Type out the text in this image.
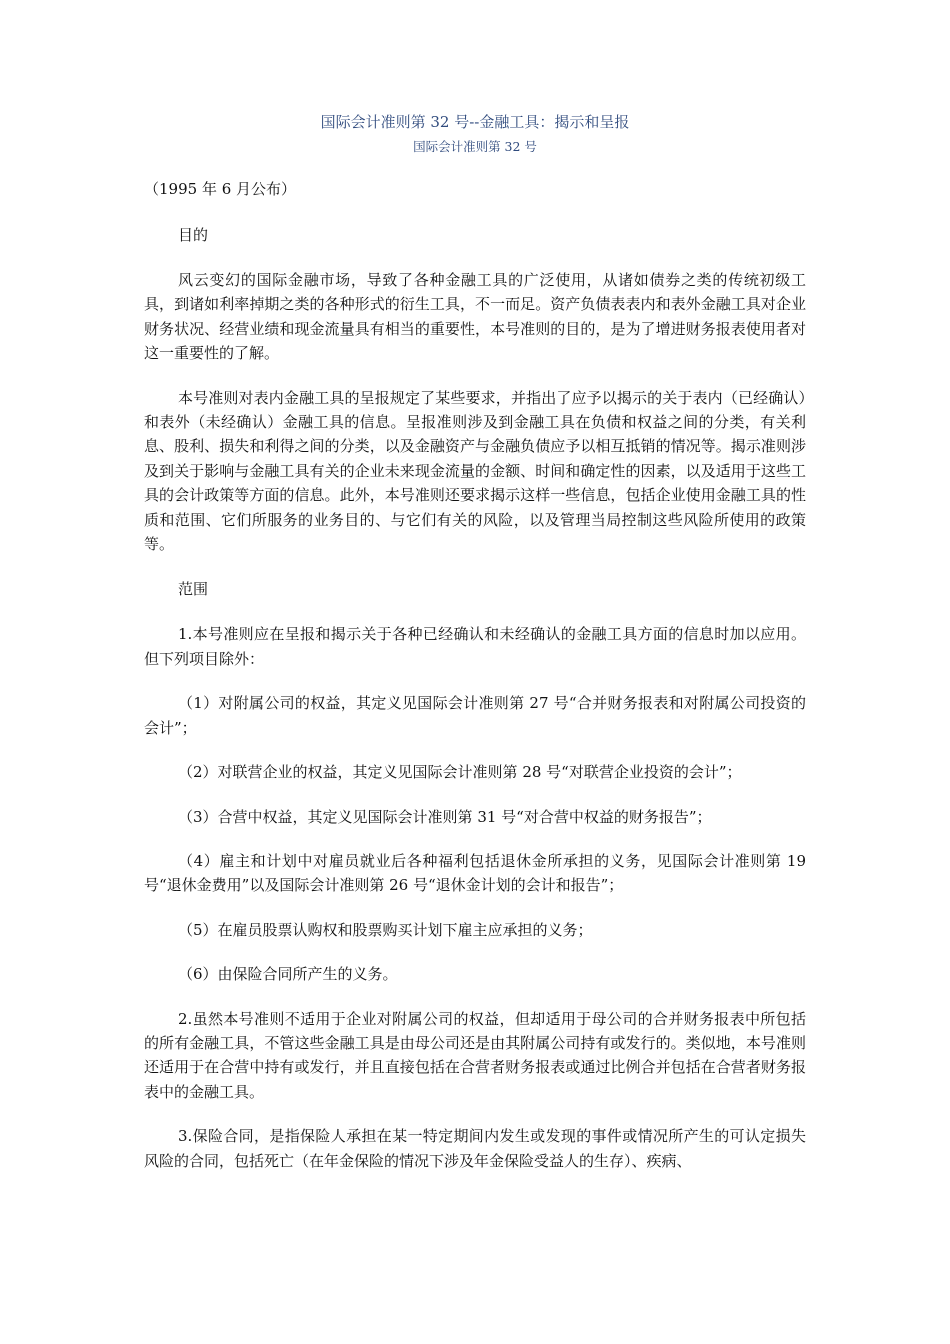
国际会计准则第 32 号--金融工具：揭示和呈报

国际会计准则第 32 号

（1995 年 6 月公布）

目的

风云变幻的国际金融市场，导致了各种金融工具的广泛使用，从诸如债券之类的传统初级工具，到诸如利率掉期之类的各种形式的衍生工具，不一而足。资产负债表表内和表外金融工具对企业财务状况、经营业绩和现金流量具有相当的重要性，本号准则的目的，是为了增进财务报表使用者对这一重要性的了解。

本号准则对表内金融工具的呈报规定了某些要求，并指出了应予以揭示的关于表内（已经确认）和表外（未经确认）金融工具的信息。呈报准则涉及到金融工具在负债和权益之间的分类，有关利息、股利、损失和利得之间的分类，以及金融资产与金融负债应予以相互抵销的情况等。揭示准则涉及到关于影响与金融工具有关的企业未来现金流量的金额、时间和确定性的因素，以及适用于这些工具的会计政策等方面的信息。此外，本号准则还要求揭示这样一些信息，包括企业使用金融工具的性质和范围、它们所服务的业务目的、与它们有关的风险，以及管理当局控制这些风险所使用的政策等。

范围

1.本号准则应在呈报和揭示关于各种已经确认和未经确认的金融工具方面的信息时加以应用。但下列项目除外：

（1）对附属公司的权益，其定义见国际会计准则第 27 号“合并财务报表和对附属公司投资的会计”；

（2）对联营企业的权益，其定义见国际会计准则第 28 号“对联营企业投资的会计”；

（3）合营中权益，其定义见国际会计准则第 31 号“对合营中权益的财务报告”；

（4）雇主和计划中对雇员就业后各种福利包括退休金所承担的义务，见国际会计准则第 19 号“退休金费用”以及国际会计准则第 26 号“退休金计划的会计和报告”；

（5）在雇员股票认购权和股票购买计划下雇主应承担的义务；

（6）由保险合同所产生的义务。

2.虽然本号准则不适用于企业对附属公司的权益，但却适用于母公司的合并财务报表中所包括的所有金融工具，不管这些金融工具是由母公司还是由其附属公司持有或发行的。类似地，本号准则还适用于在合营中持有或发行，并且直接包括在合营者财务报表或通过比例合并包括在合营者财务报表中的金融工具。

3.保险合同，是指保险人承担在某一特定期间内发生或发现的事件或情况所产生的可认定损失风险的合同，包括死亡（在年金保险的情况下涉及年金保险受益人的生存）、疾病、
